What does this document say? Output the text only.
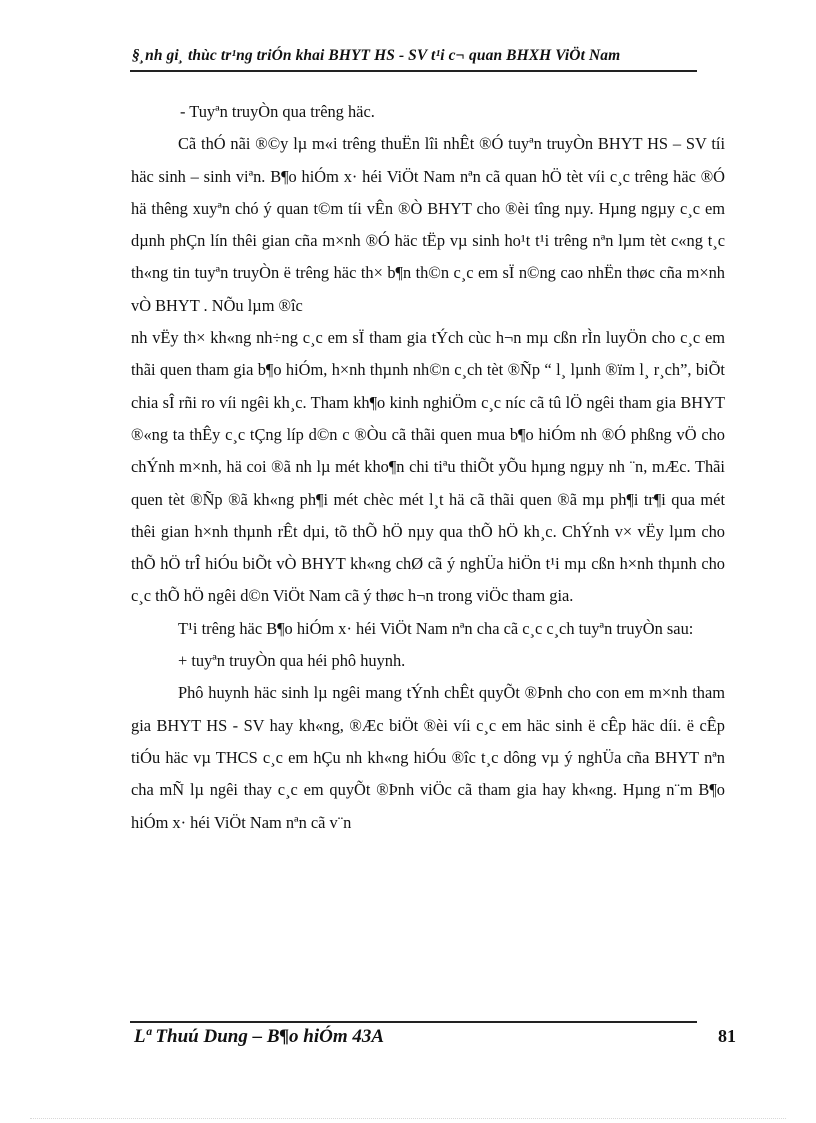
§¸nh gi¸ thùc tr¹ng triÓn khai BHYT HS - SV t¹i c¬ quan BHXH ViÖt Nam

- Tuyªn truyÒn qua trêng häc.

Cã thÓ nãi ®©y lµ m«i trêng thuËn lîi nhÊt ®Ó tuyªn truyÒn BHYT HS – SV tíi häc sinh – sinh viªn. B¶o hiÓm x· héi ViÖt Nam nªn cã quan hÖ tèt víi c¸c trêng häc ®Ó hä thêng xuyªn chó ý quan t©m tíi vÊn ®Ò BHYT cho ®èi tîng nµy. Hµng ngµy c¸c em dµnh phÇn lín thêi gian cña m×nh ®Ó häc tËp vµ sinh ho¹t t¹i trêng nªn lµm tèt c«ng t¸c th«ng tin tuyªn truyÒn ë trêng häc th× b¶n th©n c¸c em sÏ n©ng cao nhËn thøc cña m×nh vÒ BHYT . NÕu lµm ®îc

nh vËy th× kh«ng nh÷ng c¸c em sÏ tham gia tÝch cùc h¬n mµ cßn rÌn luyÖn cho c¸c em thãi quen tham gia b¶o hiÓm, h×nh thµnh nh©n c¸ch tèt ®Ñp “ l¸ lµnh ®ïm l¸ r¸ch”, biÕt chia sÎ rñi ro víi ngêi kh¸c. Tham kh¶o kinh nghiÖm c¸c níc cã tû lÖ ngêi tham gia BHYT ®«ng ta thÊy c¸c tÇng líp d©n c ®Òu cã thãi quen mua b¶o hiÓm nh ®Ó phßng vÖ cho chÝnh m×nh, hä coi ®ã nh lµ mét kho¶n chi tiªu thiÕt yÕu hµng ngµy nh ¨n, mÆc. Thãi quen tèt ®Ñp ®ã kh«ng ph¶i mét chèc mét l¸t hä cã thãi quen ®ã mµ ph¶i tr¶i qua mét thêi gian h×nh thµnh rÊt dµi, tõ thÕ hÖ nµy qua thÕ hÖ kh¸c. ChÝnh v× vËy lµm cho thÕ hÖ trÎ hiÓu biÕt vÒ BHYT kh«ng chØ cã ý nghÜa hiÖn t¹i mµ cßn h×nh thµnh cho c¸c thÕ hÖ ngêi d©n ViÖt Nam cã ý thøc h¬n trong viÖc tham gia.

T¹i trêng häc B¶o hiÓm x· héi ViÖt Nam nªn cha cã c¸c c¸ch tuyªn truyÒn sau:

+ tuyªn truyÒn qua héi phô huynh.

Phô huynh häc sinh lµ ngêi mang tÝnh chÊt quyÕt ®Þnh cho con em m×nh tham gia BHYT HS - SV hay kh«ng, ®Æc biÖt ®èi víi c¸c em häc sinh ë cÊp häc díi. ë cÊp tiÓu häc vµ THCS c¸c em hÇu nh kh«ng hiÓu ®îc t¸c dông vµ ý nghÜa cña BHYT nªn cha mÑ lµ ngêi thay c¸c em quyÕt ®Þnh viÖc cã tham gia hay kh«ng. Hµng n¨m B¶o hiÓm x· héi ViÖt Nam nªn cã v¨n

Lª Thuú Dung – B¶o hiÓm 43A	81
